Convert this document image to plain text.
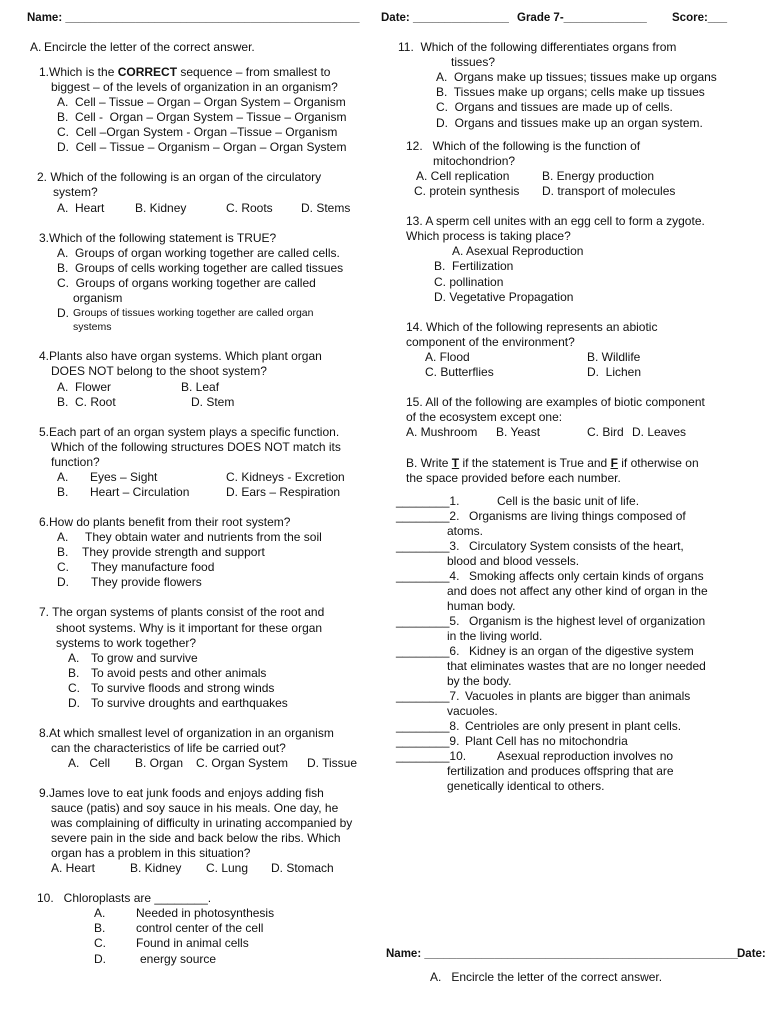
Name: ______________________________________________ Date: _______________ Grade 7-_____________ Score:___
A. Encircle the letter of the correct answer.
1.Which is the CORRECT sequence – from smallest to
biggest – of the levels of organization in an organism?
A.  Cell – Tissue – Organ – Organ System – Organism
B.  Cell -  Organ – Organ System – Tissue – Organism
C.  Cell –Organ System - Organ –Tissue – Organism
D.  Cell – Tissue – Organism – Organ – Organ System
2. Which of the following is an organ of the circulatory
system?
A.  Heart	B. Kidney	C. Roots D. Stems
3.Which of the following statement is TRUE?
A.  Groups of organ working together are called cells.
B.  Groups of cells working together are called tissues
C.  Groups of organs working together are called
organism
D. Groups of tissues working together are called organ
systems
4.Plants also have organ systems. Which plant organ
DOES NOT belong to the shoot system?
A.  Flower	B. Leaf
B.  C. Root	D. Stem
5.Each part of an organ system plays a specific function.
Which of the following structures DOES NOT match its
function?
A. Eyes – Sight	C. Kidneys - Excretion
B. Heart – Circulation	D. Ears – Respiration
6.How do plants benefit from their root system?
A. They obtain water and nutrients from the soil
B. They provide strength and support
C. They manufacture food
D. They provide flowers
7. The organ systems of plants consist of the root and
shoot systems. Why is it important for these organ
systems to work together?
A. To grow and survive
B. To avoid pests and other animals
C. To survive floods and strong winds
D. To survive droughts and earthquakes
8.At which smallest level of organization in an organism
can the characteristics of life be carried out?
A.   Cell B. Organ C. Organ System D. Tissue
9.James love to eat junk foods and enjoys adding fish
sauce (patis) and soy sauce in his meals. One day, he
was complaining of difficulty in urinating accompanied by
severe pain in the side and back below the ribs. Which
organ has a problem in this situation?
A. Heart	B. Kidney C. Lung D. Stomach
10.   Chloroplasts are ________.
A.	Needed in photosynthesis
B.	control center of the cell
C.	Found in animal cells
D.	energy source
11.  Which of the following differentiates organs from
tissues?
A.  Organs make up tissues; tissues make up organs
B.  Tissues make up organs; cells make up tissues
C.  Organs and tissues are made up of cells.
D.  Organs and tissues make up an organ system.
12.   Which of the following is the function of
mitochondrion?
A. Cell replication	B. Energy production
C. protein synthesis D. transport of molecules
13. A sperm cell unites with an egg cell to form a zygote.
Which process is taking place?
A. Asexual Reproduction
B.  Fertilization
C. pollination
D. Vegetative Propagation
14. Which of the following represents an abiotic
component of the environment?
A. Flood	B. Wildlife
C. Butterflies	D.  Lichen
15. All of the following are examples of biotic component
of the ecosystem except one:
A. Mushroom B. Yeast	C. Bird D. Leaves
B. Write T if the statement is True and F if otherwise on
the space provided before each number.
________1.	Cell is the basic unit of life.
________2. Organisms are living things composed of
atoms.
________3. Circulatory System consists of the heart,
blood and blood vessels.
________4. Smoking affects only certain kinds of organs
and does not affect any other kind of organ in the
human body.
________5. Organism is the highest level of organization
in the living world.
________6. Kidney is an organ of the digestive system
that eliminates wastes that are no longer needed
by the body.
________7. Vacuoles in plants are bigger than animals
vacuoles.
________8. Centrioles are only present in plant cells.
________9. Plant Cell has no mitochondria
________10.	Asexual reproduction involves no
fertilization and produces offspring that are
genetically identical to others.
Name: _________________________________________________ Date:
A.   Encircle the letter of the correct answer.
